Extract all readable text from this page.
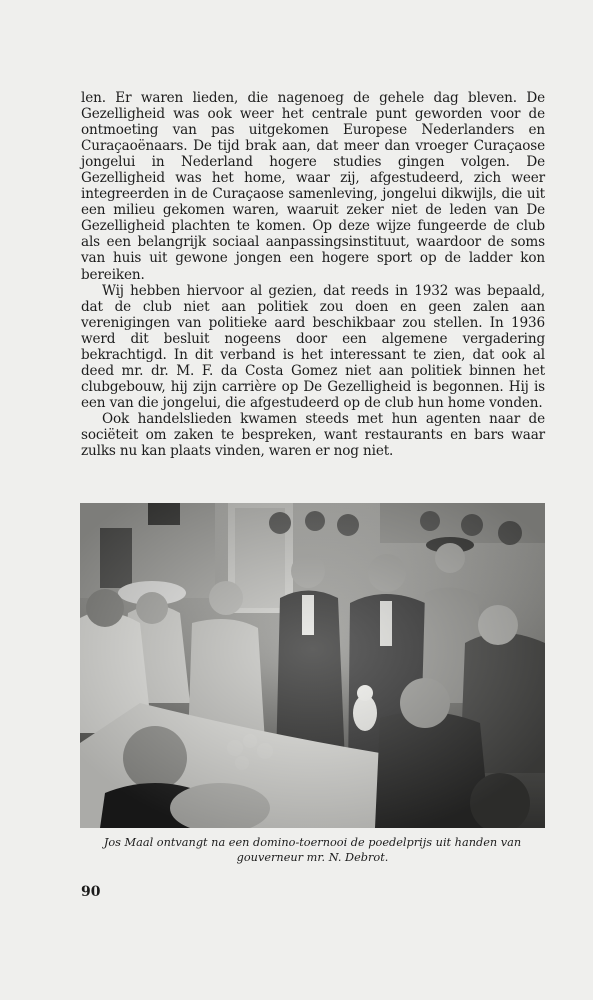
len. Er waren lieden, die nagenoeg de gehele dag bleven. De Gezelligheid was ook weer het centrale punt geworden voor de ontmoeting van pas uitgekomen Europese Nederlanders en Curaçaoënaars. De tijd brak aan, dat meer dan vroeger Curaçaose jongelui in Nederland hogere studies gingen volgen. De Gezelligheid was het home, waar zij, afgestudeerd, zich weer integreerden in de Curaçaose samenleving, jongelui dikwijls, die uit een milieu gekomen waren, waaruit zeker niet de leden van De Gezelligheid plachten te komen. Op deze wijze fungeerde de club als een belangrijk sociaal aanpassingsinstituut, waardoor de soms van huis uit gewone jongen een hogere sport op de ladder kon bereiken.

Wij hebben hiervoor al gezien, dat reeds in 1932 was bepaald, dat de club niet aan politiek zou doen en geen zalen aan verenigingen van politieke aard beschikbaar zou stellen. In 1936 werd dit besluit nogeens door een algemene vergadering bekrachtigd. In dit verband is het interessant te zien, dat ook al deed mr. dr. M. F. da Costa Gomez niet aan politiek binnen het clubgebouw, hij zijn carrière op De Gezelligheid is begonnen. Hij is een van die jongelui, die afgestudeerd op de club hun home vonden.

Ook handelslieden kwamen steeds met hun agenten naar de sociëteit om zaken te bespreken, want restaurants en bars waar zulks nu kan plaats vinden, waren er nog niet.

Jos Maal ontvangt na een domino-toernooi de poedelprijs uit handen van gouverneur mr. N. Debrot.
90
